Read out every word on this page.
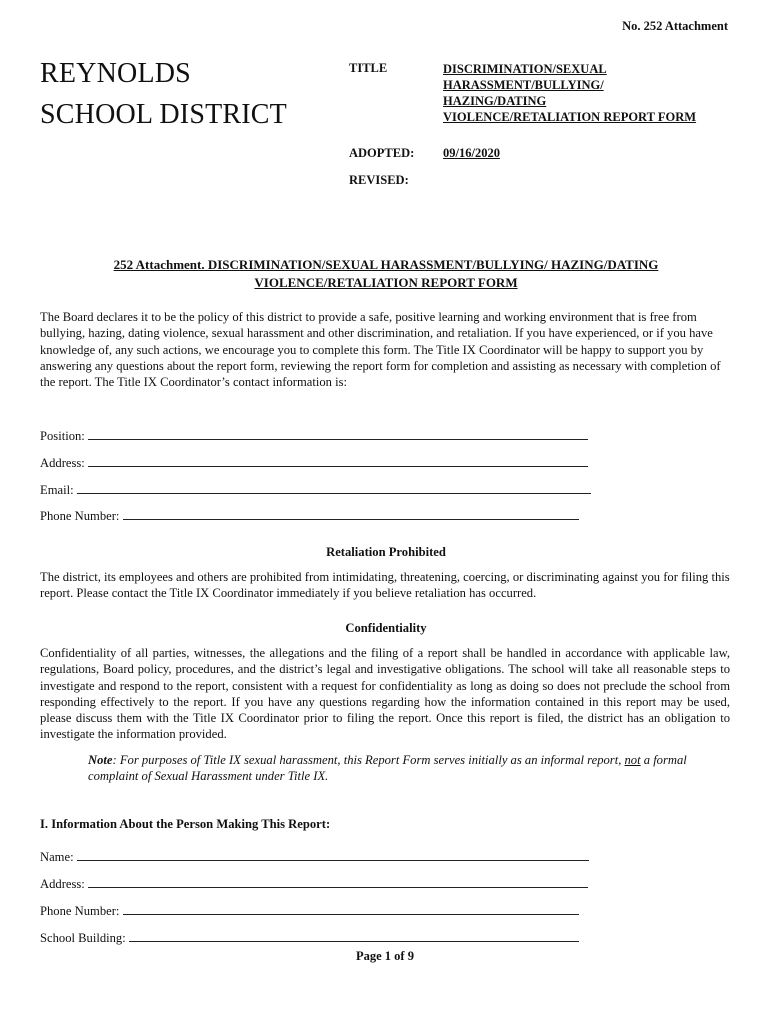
No. 252 Attachment
REYNOLDS
SCHOOL DISTRICT
TITLE	DISCRIMINATION/SEXUAL
HARASSMENT/BULLYING/
HAZING/DATING
VIOLENCE/RETALIATION REPORT FORM
ADOPTED: 09/16/2020
REVISED:
252 Attachment. DISCRIMINATION/SEXUAL HARASSMENT/BULLYING/ HAZING/DATING
VIOLENCE/RETALIATION REPORT FORM
The Board declares it to be the policy of this district to provide a safe, positive learning and working environment that is free from bullying, hazing, dating violence, sexual harassment and other discrimination, and retaliation. If you have experienced, or if you have knowledge of, any such actions, we encourage you to complete this form. The Title IX Coordinator will be happy to support you by answering any questions about the report form, reviewing the report form for completion and assisting as necessary with completion of the report. The Title IX Coordinator’s contact information is:
Position:
Address:
Email:
Phone Number:
Retaliation Prohibited
The district, its employees and others are prohibited from intimidating, threatening, coercing, or discriminating against you for filing this report. Please contact the Title IX Coordinator immediately if you believe retaliation has occurred.
Confidentiality
Confidentiality of all parties, witnesses, the allegations and the filing of a report shall be handled in accordance with applicable law, regulations, Board policy, procedures, and the district’s legal and investigative obligations. The school will take all reasonable steps to investigate and respond to the report, consistent with a request for confidentiality as long as doing so does not preclude the school from responding effectively to the report. If you have any questions regarding how the information contained in this report may be used, please discuss them with the Title IX Coordinator prior to filing the report. Once this report is filed, the district has an obligation to investigate the information provided.
Note: For purposes of Title IX sexual harassment, this Report Form serves initially as an informal report, not a formal complaint of Sexual Harassment under Title IX.
I. Information About the Person Making This Report:
Name:
Address:
Phone Number:
School Building:
Page 1 of 9
